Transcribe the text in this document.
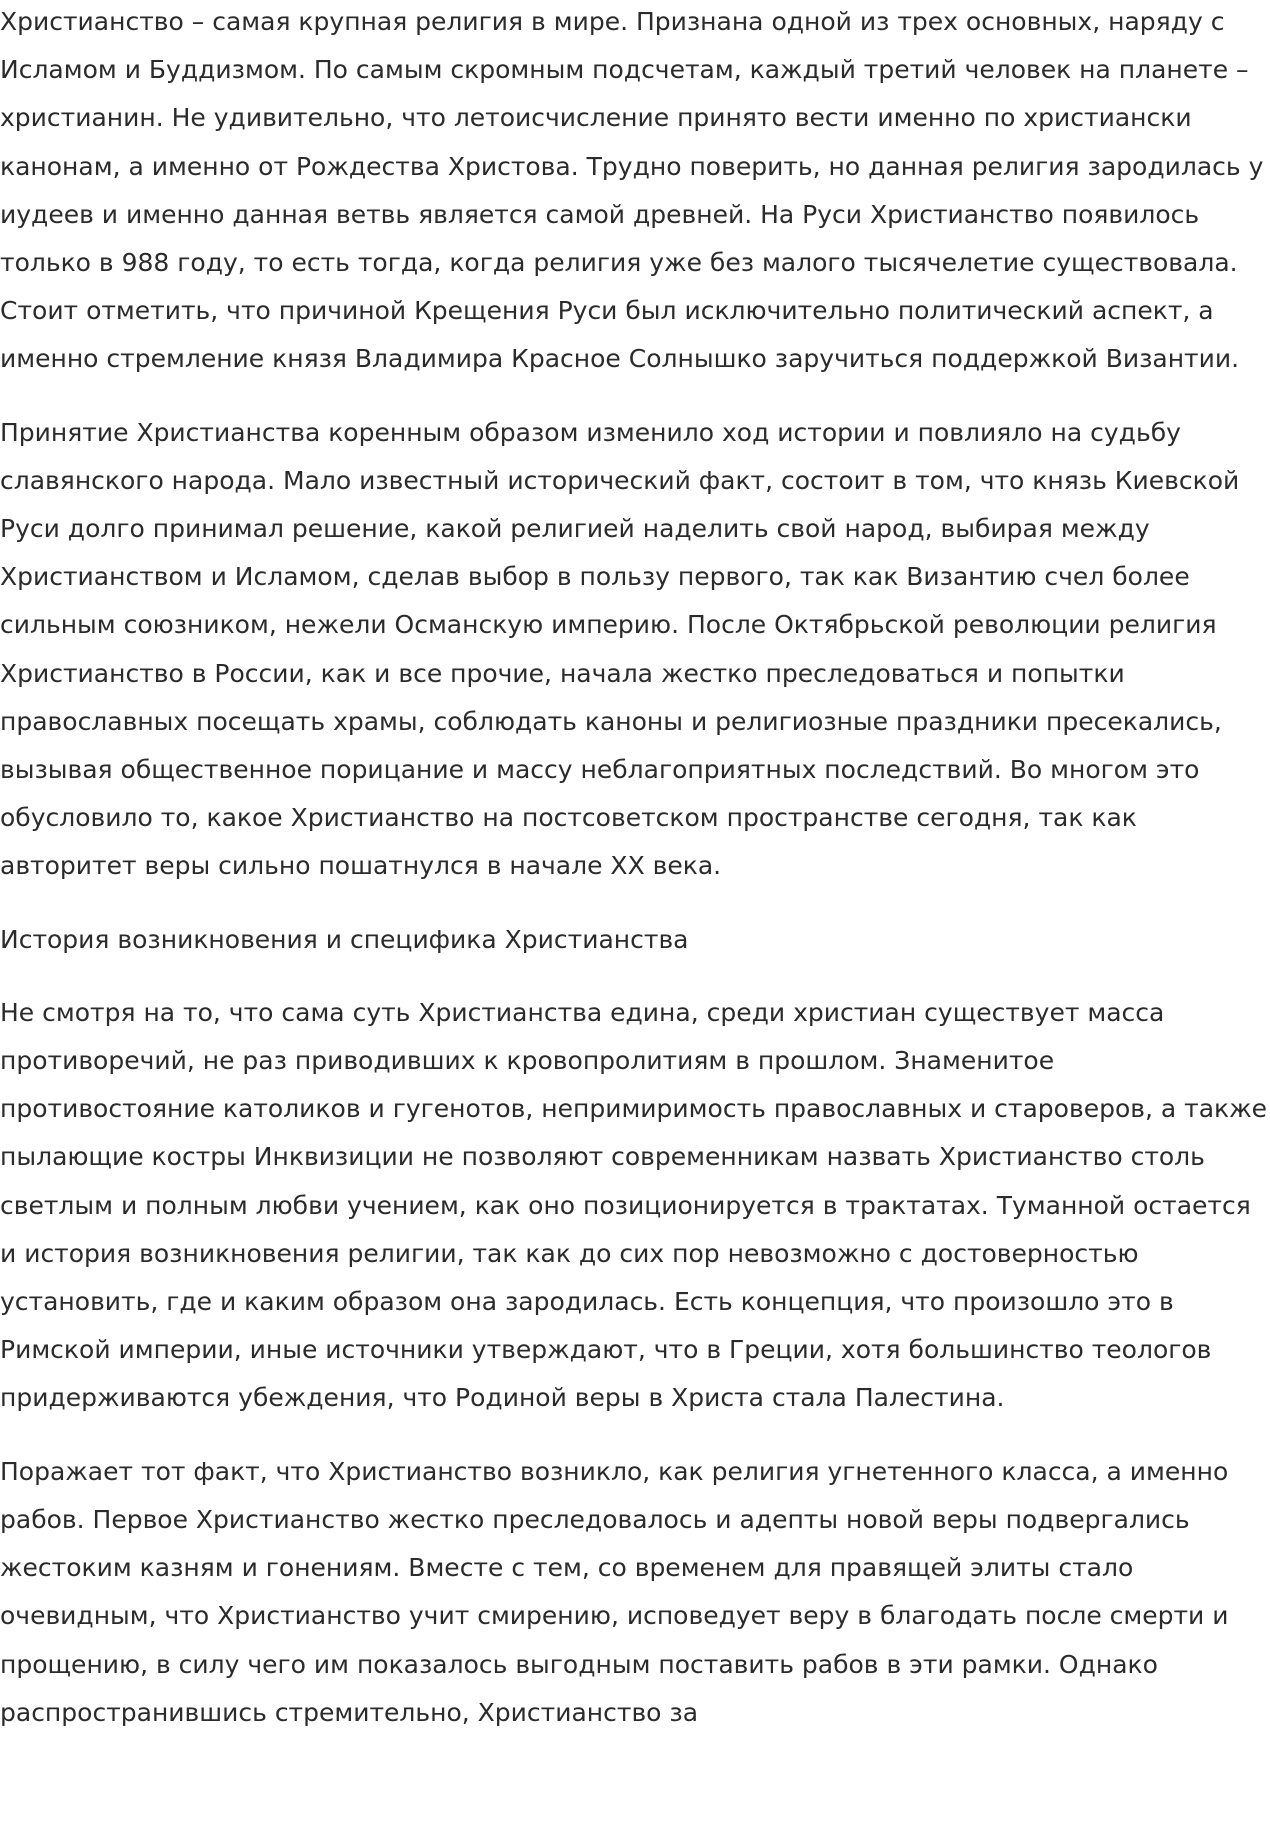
Христианство – самая крупная религия в мире. Признана одной из трех основных, наряду с Исламом и Буддизмом. По самым скромным подсчетам, каждый третий человек на планете – христианин. Не удивительно, что летоисчисление принято вести именно по христиански канонам, а именно от Рождества Христова. Трудно поверить, но данная религия зародилась у иудеев и именно данная ветвь является самой древней. На Руси Христианство появилось только в 988 году, то есть тогда, когда религия уже без малого тысячелетие существовала. Стоит отметить, что причиной Крещения Руси был исключительно политический аспект, а именно стремление князя Владимира Красное Солнышко заручиться поддержкой Византии.

Принятие Христианства коренным образом изменило ход истории и повлияло на судьбу славянского народа. Мало известный исторический факт, состоит в том, что князь Киевской Руси долго принимал решение, какой религией наделить свой народ, выбирая между Христианством и Исламом, сделав выбор в пользу первого, так как Византию счел более сильным союзником, нежели Османскую империю. После Октябрьской революции религия Христианство в России, как и все прочие, начала жестко преследоваться и попытки православных посещать храмы, соблюдать каноны и религиозные праздники пресекались, вызывая общественное порицание и массу неблагоприятных последствий. Во многом это обусловило то, какое Христианство на постсоветском пространстве сегодня, так как авторитет веры сильно пошатнулся в начале XX века.

История возникновения и специфика Христианства

Не смотря на то, что сама суть Христианства едина, среди христиан существует масса противоречий, не раз приводивших к кровопролитиям в прошлом. Знаменитое противостояние католиков и гугенотов, непримиримость православных и староверов, а также пылающие костры Инквизиции не позволяют современникам назвать Христианство столь светлым и полным любви учением, как оно позиционируется в трактатах. Туманной остается и история возникновения религии, так как до сих пор невозможно с достоверностью установить, где и каким образом она зародилась. Есть концепция, что произошло это в Римской империи, иные источники утверждают, что в Греции, хотя большинство теологов придерживаются убеждения, что Родиной веры в Христа стала Палестина.

Поражает тот факт, что Христианство возникло, как религия угнетенного класса, а именно рабов. Первое Христианство жестко преследовалось и адепты новой веры подвергались жестоким казням и гонениям. Вместе с тем, со временем для правящей элиты стало очевидным, что Христианство учит смирению, исповедует веру в благодать после смерти и прощению, в силу чего им показалось выгодным поставить рабов в эти рамки. Однако распространившись стремительно, Христианство за
